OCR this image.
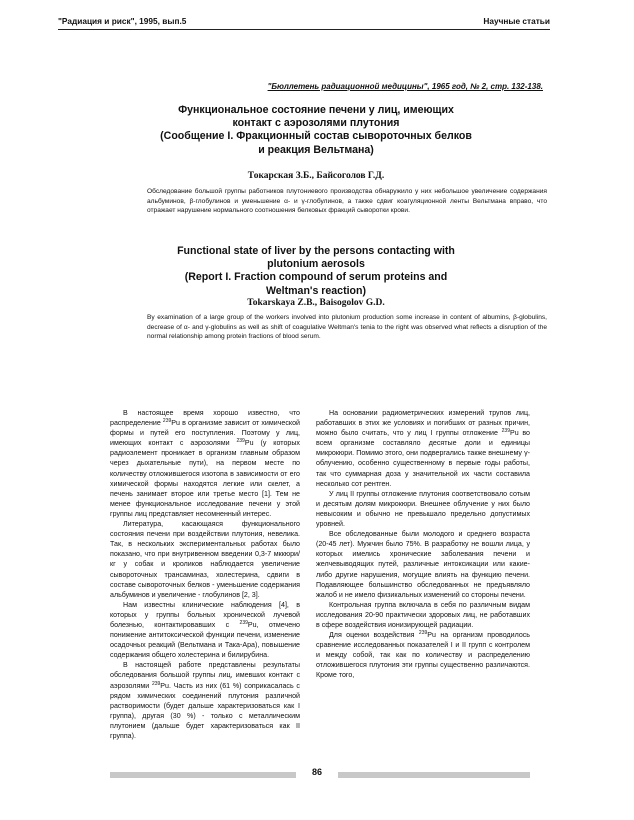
"Радиация и риск", 1995, вып.5	Научные статьи
"Бюллетень радиационной медицины", 1965 год, № 2, стр. 132-138.
Функциональное состояние печени у лиц, имеющих
контакт с аэрозолями плутония
(Сообщение I. Фракционный состав сывороточных белков
и реакция Вельтмана)
Токарская З.Б., Байсоголов Г.Д.
Обследование большой группы работников плутониевого производства обнаружило у них небольшое увеличение содержания альбуминов, β-глобулинов и уменьшение α- и γ-глобулинов, а также сдвиг коагуляционной ленты Вельтмана вправо, что отражает нарушение нормального соотношения белковых фракций сыворотки крови.
Functional state of liver by the persons contacting with
plutonium aerosols
(Report I. Fraction compound of serum proteins and
Weltman's reaction)
Tokarskaya Z.B., Baisogolov G.D.
By examination of a large group of the workers involved into plutonium production some increase in content of albumins, β-globulins, decrease of α- and γ-globulins as well as shift of coagulative Weltman's tenia to the right was observed what reflects a disruption of the normal relationship among protein fractions of blood serum.

В настоящее время хорошо известно, что распределение $^{239}$Pu в организме зависит от химической формы и путей его поступления. Поэтому у лиц, имеющих контакт с аэрозолями $^{239}$Pu (у которых радиоэлемент проникает в организм главным образом через дыхательные пути), на первом месте по количеству отложившегося изотопа в зависимости от его химической формы находятся легкие или скелет, а печень занимает второе или третье место [1]. Тем не менее функциональное исследование печени у этой группы лиц представляет несомненный интерес.

Литература, касающаяся функционального состояния печени при воздействии плутония, невелика. Так, в нескольких экспериментальных работах было показано, что при внутривенном введении 0,3-7 мккюри/кг у собак и кроликов наблюдается увеличение сывороточных трансаминаз, холестерина, сдвиги в составе сывороточных белков - уменьшение содержания альбуминов и увеличение - глобулинов [2, 3].

Нам известны клинические наблюдения [4], в которых у группы больных хронической лучевой болезнью, контактировавших с $^{239}$Pu, отмечено понижение антитоксической функции печени, изменение осадочных реакций (Вельтмана и Така-Ара), повышение содержания общего холестерина и билирубина.

В настоящей работе представлены результаты обследования большой группы лиц, имевших контакт с аэрозолями $^{239}$Pu. Часть из них (61 %) соприкасалась с рядом химических соединений плутония различной растворимости (будет дальше характеризоваться как I группа), другая (30 %) - только с металлическим плутонием (дальше будет характеризоваться как II группа).

На основании радиометрических измерений трупов лиц, работавших в этих же условиях и погибших от разных причин, можно было считать, что у лиц I группы отложение $^{239}$Pu во всем организме составляло десятые доли и единицы микрокюри. Помимо этого, они подвергались также внешнему γ-облучению, особенно существенному в первые годы работы, так что суммарная доза у значительной их части составила несколько сот рентген.

У лиц II группы отложение плутония соответствовало сотым и десятым долям микрокюри. Внешнее облучение у них было невысоким и обычно не превышало предельно допустимых уровней.

Все обследованные были молодого и среднего возраста (20-45 лет). Мужчин было 75%. В разработку не вошли лица, у которых имелись хронические заболевания печени и желчевыводящих путей, различные интоксикации или какие-либо другие нарушения, могущие влиять на функцию печени. Подавляющее большинство обследованных не предъявляло жалоб и не имело физикальных изменений со стороны печени.

Контрольная группа включала в себя по различным видам исследования 20-90 практически здоровых лиц, не работавших в сфере воздействия ионизирующей радиации.

Для оценки воздействия $^{239}$Pu на организм проводилось сравнение исследованных показателей I и II групп с контролем и между собой, так как по количеству и распределению отложившегося плутония эти группы существенно различаются. Кроме того,

86
